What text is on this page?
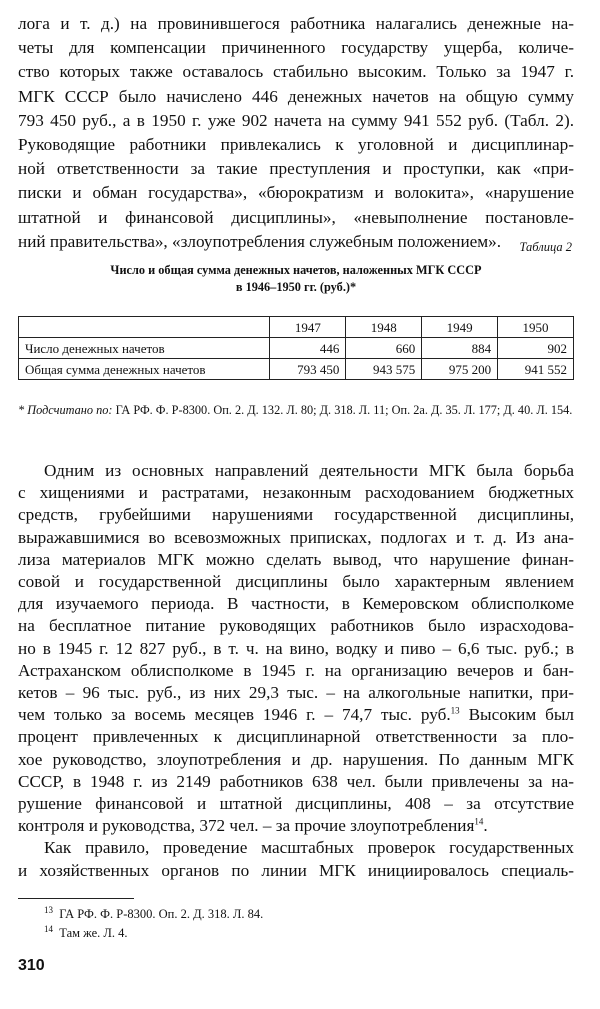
лога и т. д.) на провинившегося работника налагались денежные на-
четы для компенсации причиненного государству ущерба, количе-
ство которых также оставалось стабильно высоким. Только за 1947 г.
МГК СССР было начислено 446 денежных начетов на общую сумму
793 450 руб., а в 1950 г. уже 902 начета на сумму 941 552 руб. (Табл. 2).
Руководящие работники привлекались к уголовной и дисциплинар-
ной ответственности за такие преступления и проступки, как «при-
писки и обман государства», «бюрократизм и волокита», «нарушение
штатной и финансовой дисциплины», «невыполнение постановле-
ний правительства», «злоупотребления служебным положением».	Таблица 2
Число и общая сумма денежных начетов, наложенных МГК СССР
в 1946–1950 гг. (руб.)*
	1947	1948	1949	1950
Число денежных начетов	446	660	884	902
Общая сумма денежных начетов	793 450	943 575	975 200	941 552
* Подсчитано по: ГА РФ. Ф. Р-8300. Оп. 2. Д. 132. Л. 80; Д. 318. Л. 11; Оп. 2а. Д. 35. Л. 177; Д. 40. Л. 154.
Одним из основных направлений деятельности МГК была борьба
с хищениями и растратами, незаконным расходованием бюджетных
средств, грубейшими нарушениями государственной дисциплины,
выражавшимися во всевозможных приписках, подлогах и т. д. Из ана-
лиза материалов МГК можно сделать вывод, что нарушение финан-
совой и государственной дисциплины было характерным явлением
для изучаемого периода. В частности, в Кемеровском облисполкоме
на бесплатное питание руководящих работников было израсходова-
но в 1945 г. 12 827 руб., в т. ч. на вино, водку и пиво – 6,6 тыс. руб.; в
Астраханском облисполкоме в 1945 г. на организацию вечеров и бан-
кетов – 96 тыс. руб., из них 29,3 тыс. – на алкогольные напитки, при-
чем только за восемь месяцев 1946 г. – 74,7 тыс. руб.$^{13}$ Высоким был
процент привлеченных к дисциплинарной ответственности за пло-
хое руководство, злоупотребления и др. нарушения. По данным МГК
СССР, в 1948 г. из 2149 работников 638 чел. были привлечены за на-
рушение финансовой и штатной дисциплины, 408 – за отсутствие
контроля и руководства, 372 чел. – за прочие злоупотребления$^{14}$.
Как правило, проведение масштабных проверок государственных
и хозяйственных органов по линии МГК инициировалось специаль-
$^{13}$ ГА РФ. Ф. Р-8300. Оп. 2. Д. 318. Л. 84.
$^{14}$ Там же. Л. 4.
310
